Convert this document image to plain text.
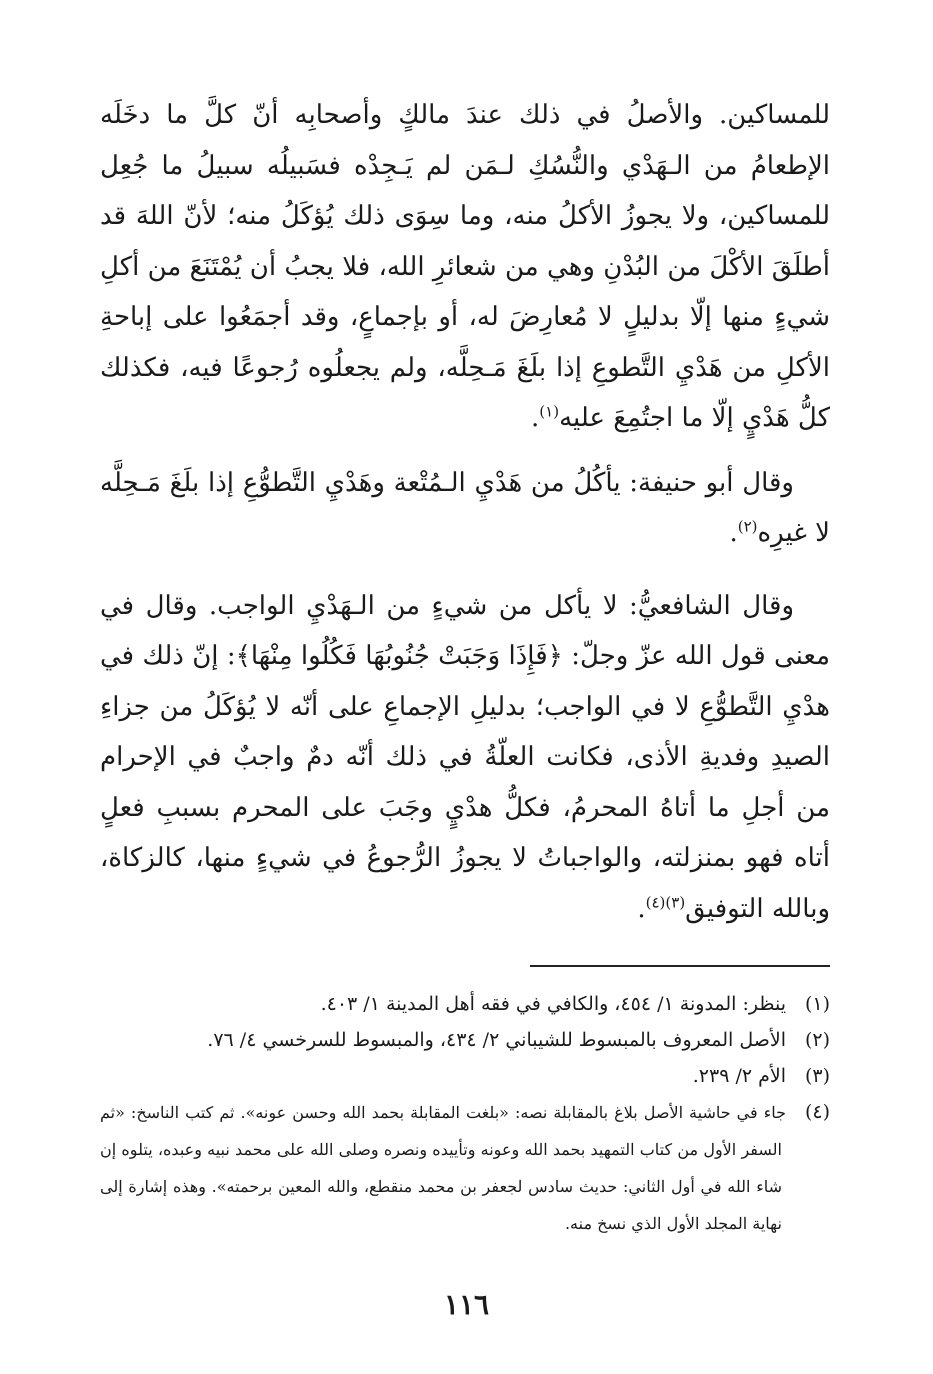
للمساكين. والأصلُ في ذلك عندَ مالكٍ وأصحابِه أنّ كلَّ ما دخَلَه الإطعامُ من الـهَدْي والنُّسُكِ لـمَن لم يَـجِدْه فسَبيلُه سبيلُ ما جُعِل للمساكين، ولا يجوزُ الأكلُ منه، وما سِوَى ذلك يُؤكَلُ منه؛ لأنّ اللهَ قد أطلَقَ الأكْلَ من البُدْنِ وهي من شعائرِ الله، فلا يجبُ أن يُمْتَنَعَ من أكلِ شيءٍ منها إلّا بدليلٍ لا مُعارِضَ له، أو بإجماعٍ، وقد أجمَعُوا على إباحةِ الأكلِ من هَدْيِ التَّطوعِ إذا بلَغَ مَـحِلَّه، ولم يجعلُوه رُجوعًا فيه، فكذلك كلُّ هَدْيٍ إلّا ما اجتُمِعَ عليه$^{(١)}$.

وقال أبو حنيفة: يأكُلُ من هَدْيِ الـمُتْعة وهَدْيِ التَّطوُّعِ إذا بلَغَ مَـحِلَّه لا غيرِه$^{(٢)}$.

وقال الشافعيُّ: لا يأكل من شيءٍ من الـهَدْيِ الواجب. وقال في معنى قول الله عزّ وجلّ: ﴿فَإِذَا وَجَبَتْ جُنُوبُهَا فَكُلُوا مِنْهَا﴾: إنّ ذلك في هدْيِ التَّطوُّعِ لا في الواجب؛ بدليلِ الإجماعِ على أنّه لا يُؤكَلُ من جزاءِ الصيدِ وفديةِ الأذى، فكانت العلّةُ في ذلك أنّه دمٌ واجبٌ في الإحرام من أجلِ ما أتاهُ المحرمُ، فكلُّ هدْيٍ وجَبَ على المحرم بسببِ فعلٍ أتاه فهو بمنزلته، والواجباتُ لا يجوزُ الرُّجوعُ في شيءٍ منها، كالزكاة، وبالله التوفيق$^{(٣)(٤)}$.

(١)ينظر: المدونة ١/ ٤٥٤، والكافي في فقه أهل المدينة ١/ ٤٠٣.

(٢)الأصل المعروف بالمبسوط للشيباني ٢/ ٤٣٤، والمبسوط للسرخسي ٤/ ٧٦.

(٣)الأم ٢/ ٢٣٩.

(٤)جاء في حاشية الأصل بلاغ بالمقابلة نصه: «بلغت المقابلة بحمد الله وحسن عونه». ثم كتب الناسخ: «ثم السفر الأول من كتاب التمهيد بحمد الله وعونه وتأييده ونصره وصلى الله على محمد نبيه وعبده، يتلوه إن شاء الله في أول الثاني: حديث سادس لجعفر بن محمد منقطع، والله المعين برحمته». وهذه إشارة إلى نهاية المجلد الأول الذي نسخ منه.

١١٦
